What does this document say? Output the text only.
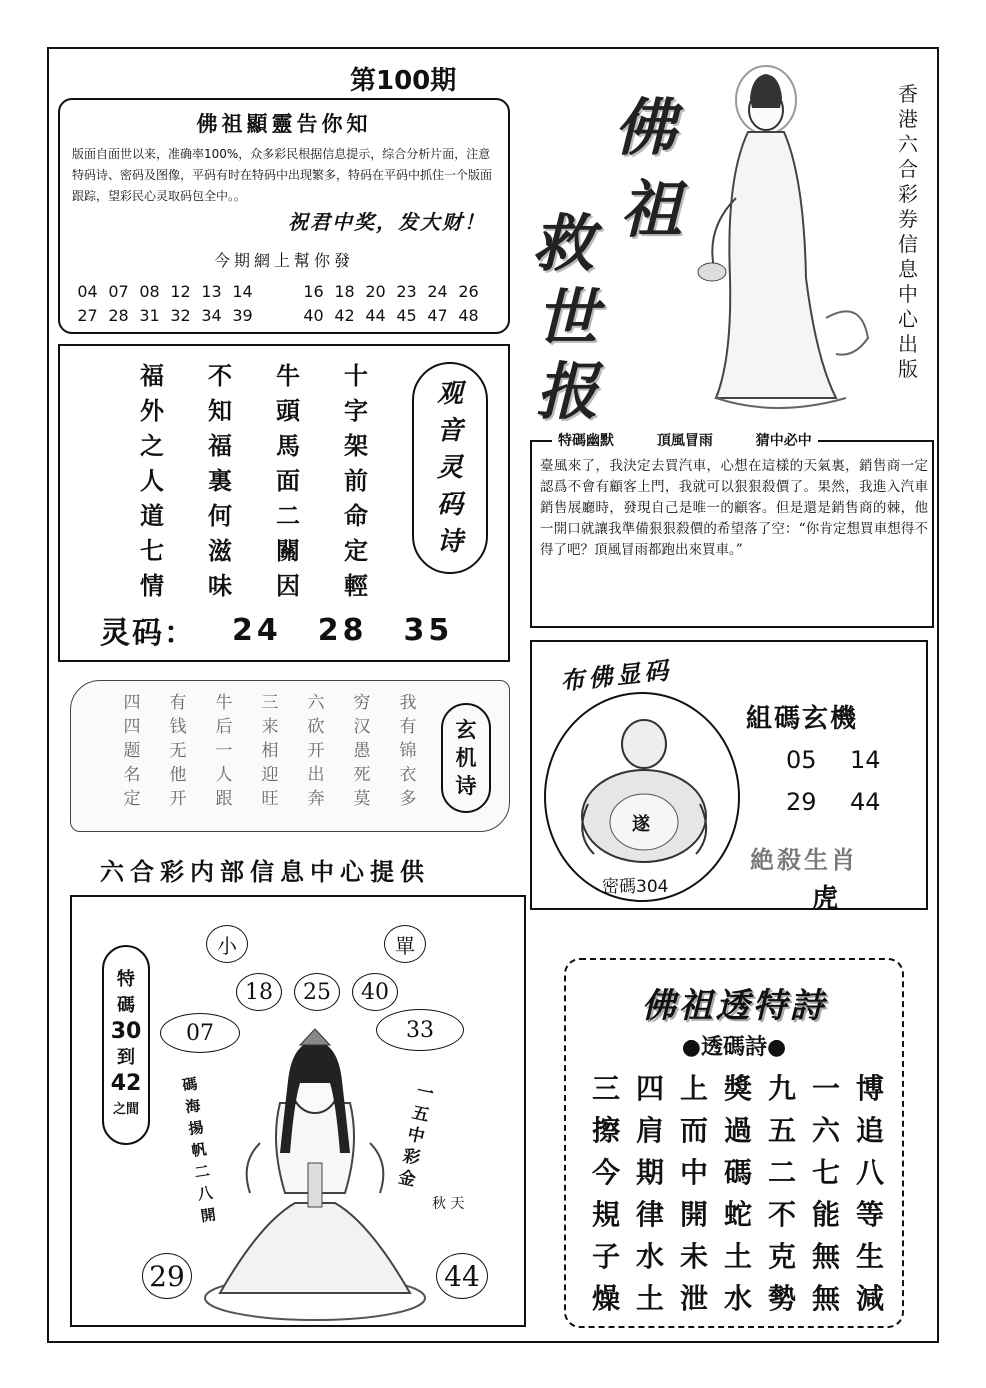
第100期
佛祖顯靈告你知
版面自面世以来，准确率100%，众多彩民根据信息提示，综合分析片面，注意特码诗、密码及图像，平码有时在特码中出现繁多，特码在平码中抓住一个版面跟踪，望彩民心灵取码包全中。。
祝君中奖，发大财！
今期網上幫你發
04 07 08 12 13 14	16 18 20 23 24 26
27 28 31 32 34 39	40 42 44 45 47 48
福	不	牛	十
外	知	頭	字
之	福	馬	架
人	裏	面	前
道	何	二	命
七	滋	關	定
情	味	因	輕
观
音
灵
码
诗
灵码： 24 28 35
四	有	牛	三	六	穷	我
四	钱	后	来	砍	汉	有
题	无	一	相	开	愚	锦
名	他	人	迎	出	死	衣
定	开	跟	旺	奔	莫	多
玄
机
诗
六合彩内部信息中心提供
小	單
18	25	40
07	33
特
碼
30
到
42
之間
碼
海
揚
帆
二
八
開
一
五
中
彩
金
秋 天
29	44
佛
祖
救
世
报
香
港
六
合
彩
券
信
息
中
心
出
版
特碼幽默	頂風冒雨	猜中必中
臺風來了，我決定去買汽車，心想在這樣的天氣裏，銷售商一定認爲不會有顧客上門，我就可以狠狠殺價了。果然，我進入汽車銷售展廳時，發現自己是唯一的顧客。但是還是銷售商的棘，他一開口就讓我準備狠狠殺價的希望落了空：“你肯定想買車想得不得了吧？頂風冒雨都跑出來買車。”
布佛显码
遂
密碼304
組碼玄機
05 14
29 44
絶殺生肖
虎
佛祖透特詩
●透碼詩●
三 四 上 獎 九 一 博
擦 肩 而 過 五 六 追
今 期 中 碼 二 七 八
規 律 開 蛇 不 能 等
子 水 未 土 克 無 生
燥 土 泄 水 勢 無 減
